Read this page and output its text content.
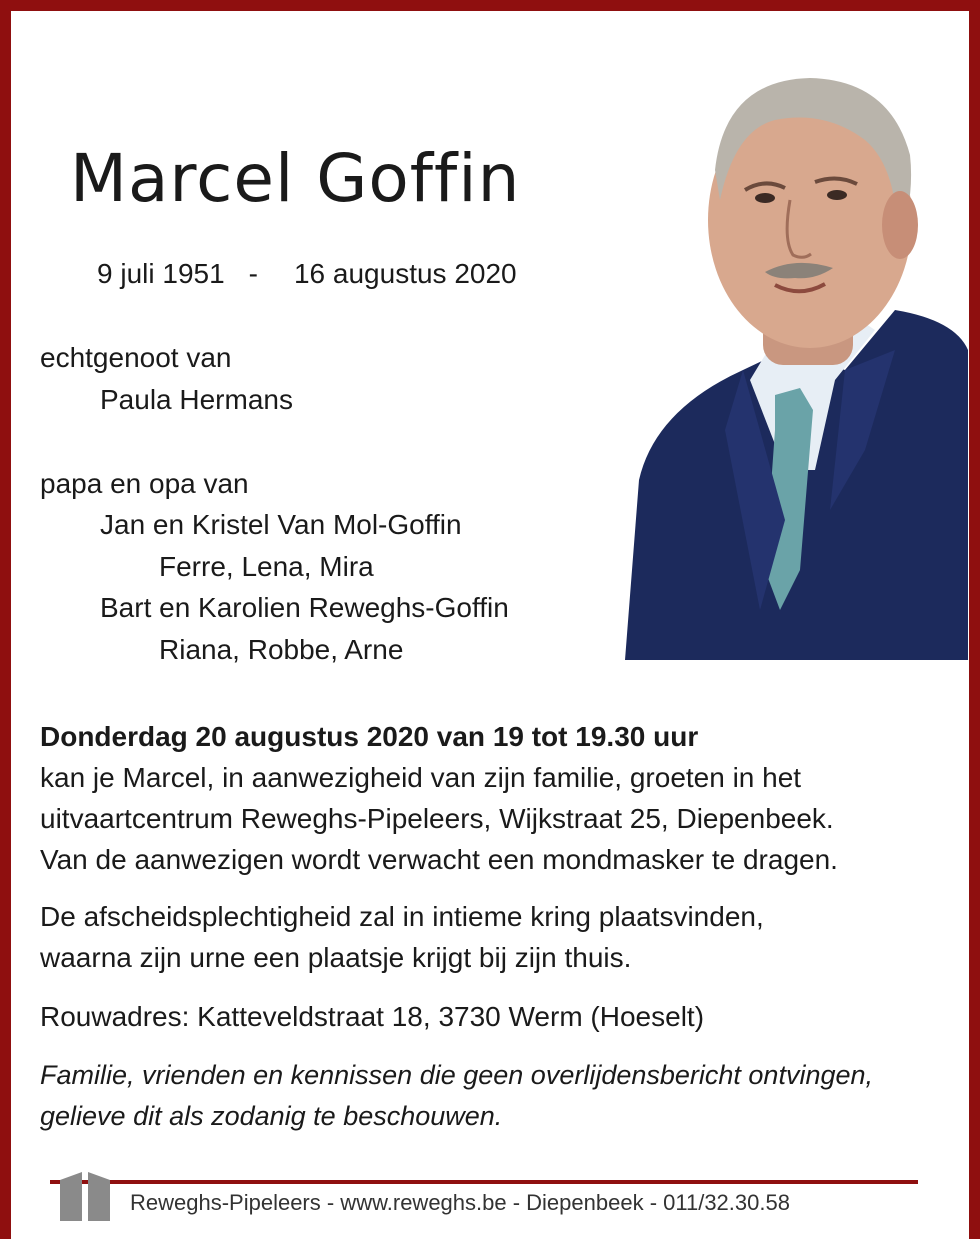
Marcel Goffin
9 juli 1951 - 16 augustus 2020
echtgenoot van
Paula Hermans
papa en opa van
Jan en Kristel Van Mol-Goffin
Ferre, Lena, Mira
Bart en Karolien Reweghs-Goffin
Riana, Robbe, Arne
Donderdag 20 augustus 2020 van 19 tot 19.30 uur
kan je Marcel, in aanwezigheid van zijn familie, groeten in het
uitvaartcentrum Reweghs-Pipeleers, Wijkstraat 25, Diepenbeek.
Van de aanwezigen wordt verwacht een mondmasker te dragen.
De afscheidsplechtigheid zal in intieme kring plaatsvinden,
waarna zijn urne een plaatsje krijgt bij zijn thuis.
Rouwadres: Katteveldstraat 18, 3730 Werm (Hoeselt)
Familie, vrienden en kennissen die geen overlijdensbericht ontvingen,
gelieve dit als zodanig te beschouwen.
Reweghs-Pipeleers - www.reweghs.be - Diepenbeek - 011/32.30.58
